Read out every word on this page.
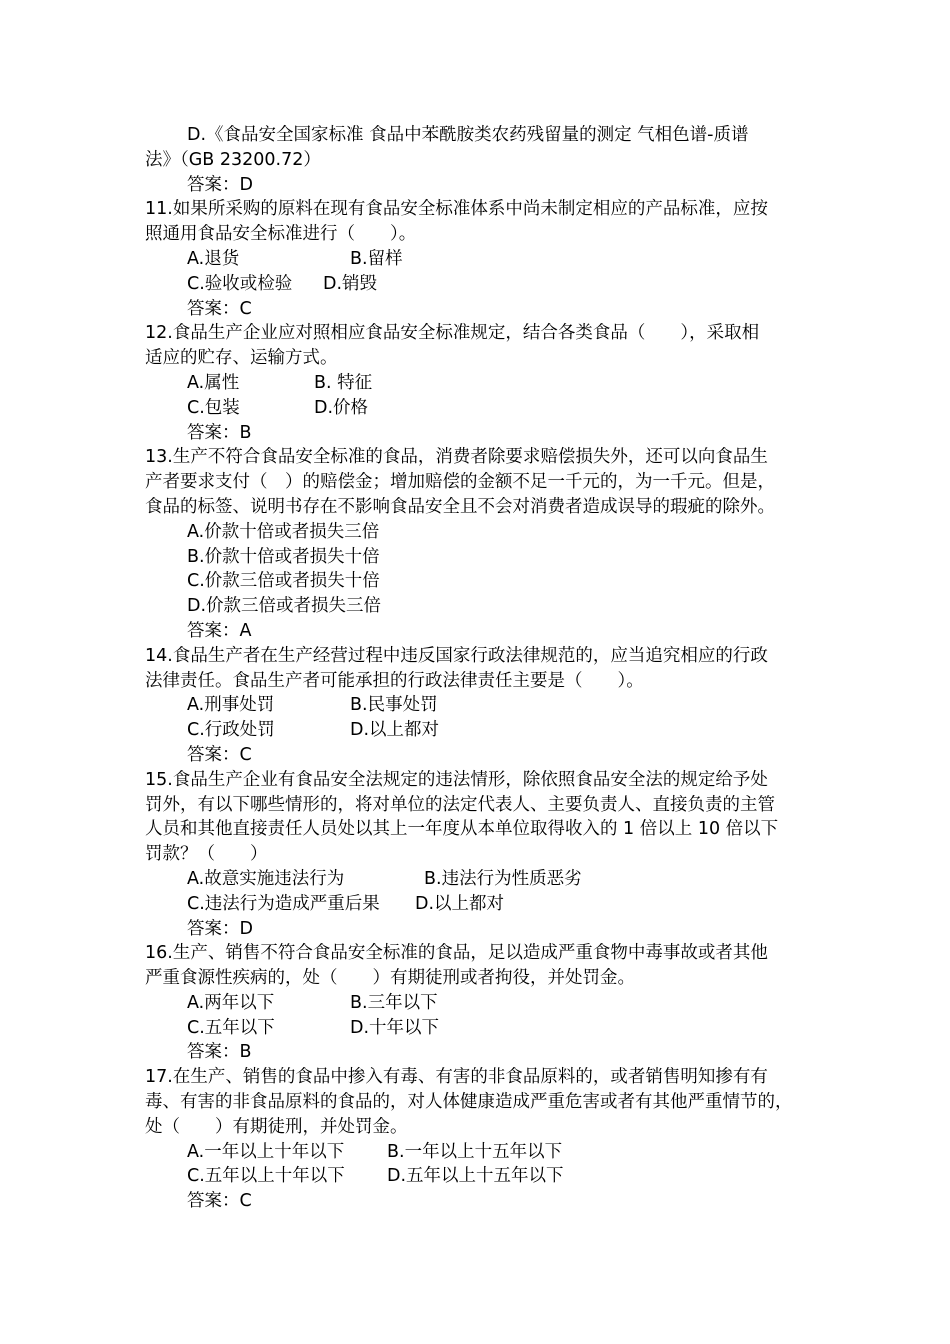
D.《食品安全国家标准 食品中苯酰胺类农药残留量的测定 气相色谱-质谱
法》（GB 23200.72）
答案：D
11.如果所采购的原料在现有食品安全标准体系中尚未制定相应的产品标准，应按
照通用食品安全标准进行（　　）。
A.退货	B.留样
C.验收或检验	D.销毁
答案：C
12.食品生产企业应对照相应食品安全标准规定，结合各类食品（　　），采取相
适应的贮存、运输方式。
A.属性	B. 特征
C.包装	D.价格
答案：B
13.生产不符合食品安全标准的食品，消费者除要求赔偿损失外，还可以向食品生
产者要求支付（　）的赔偿金；增加赔偿的金额不足一千元的，为一千元。但是，
食品的标签、说明书存在不影响食品安全且不会对消费者造成误导的瑕疵的除外。
A.价款十倍或者损失三倍
B.价款十倍或者损失十倍
C.价款三倍或者损失十倍
D.价款三倍或者损失三倍
答案：A
14.食品生产者在生产经营过程中违反国家行政法律规范的，应当追究相应的行政
法律责任。食品生产者可能承担的行政法律责任主要是（　　）。
A.刑事处罚	B.民事处罚
C.行政处罚	D.以上都对
答案：C
15.食品生产企业有食品安全法规定的违法情形，除依照食品安全法的规定给予处
罚外，有以下哪些情形的，将对单位的法定代表人、主要负责人、直接负责的主管
人员和其他直接责任人员处以其上一年度从本单位取得收入的 1 倍以上 10 倍以下
罚款？（　　）
A.故意实施违法行为	B.违法行为性质恶劣
C.违法行为造成严重后果	D.以上都对
答案：D
16.生产、销售不符合食品安全标准的食品，足以造成严重食物中毒事故或者其他
严重食源性疾病的，处（　　）有期徒刑或者拘役，并处罚金。
A.两年以下	B.三年以下
C.五年以下	D.十年以下
答案：B
17.在生产、销售的食品中掺入有毒、有害的非食品原料的，或者销售明知掺有有
毒、有害的非食品原料的食品的，对人体健康造成严重危害或者有其他严重情节的，
处（　　）有期徒刑，并处罚金。
A.一年以上十年以下	B.一年以上十五年以下
C.五年以上十年以下	D.五年以上十五年以下
答案：C
